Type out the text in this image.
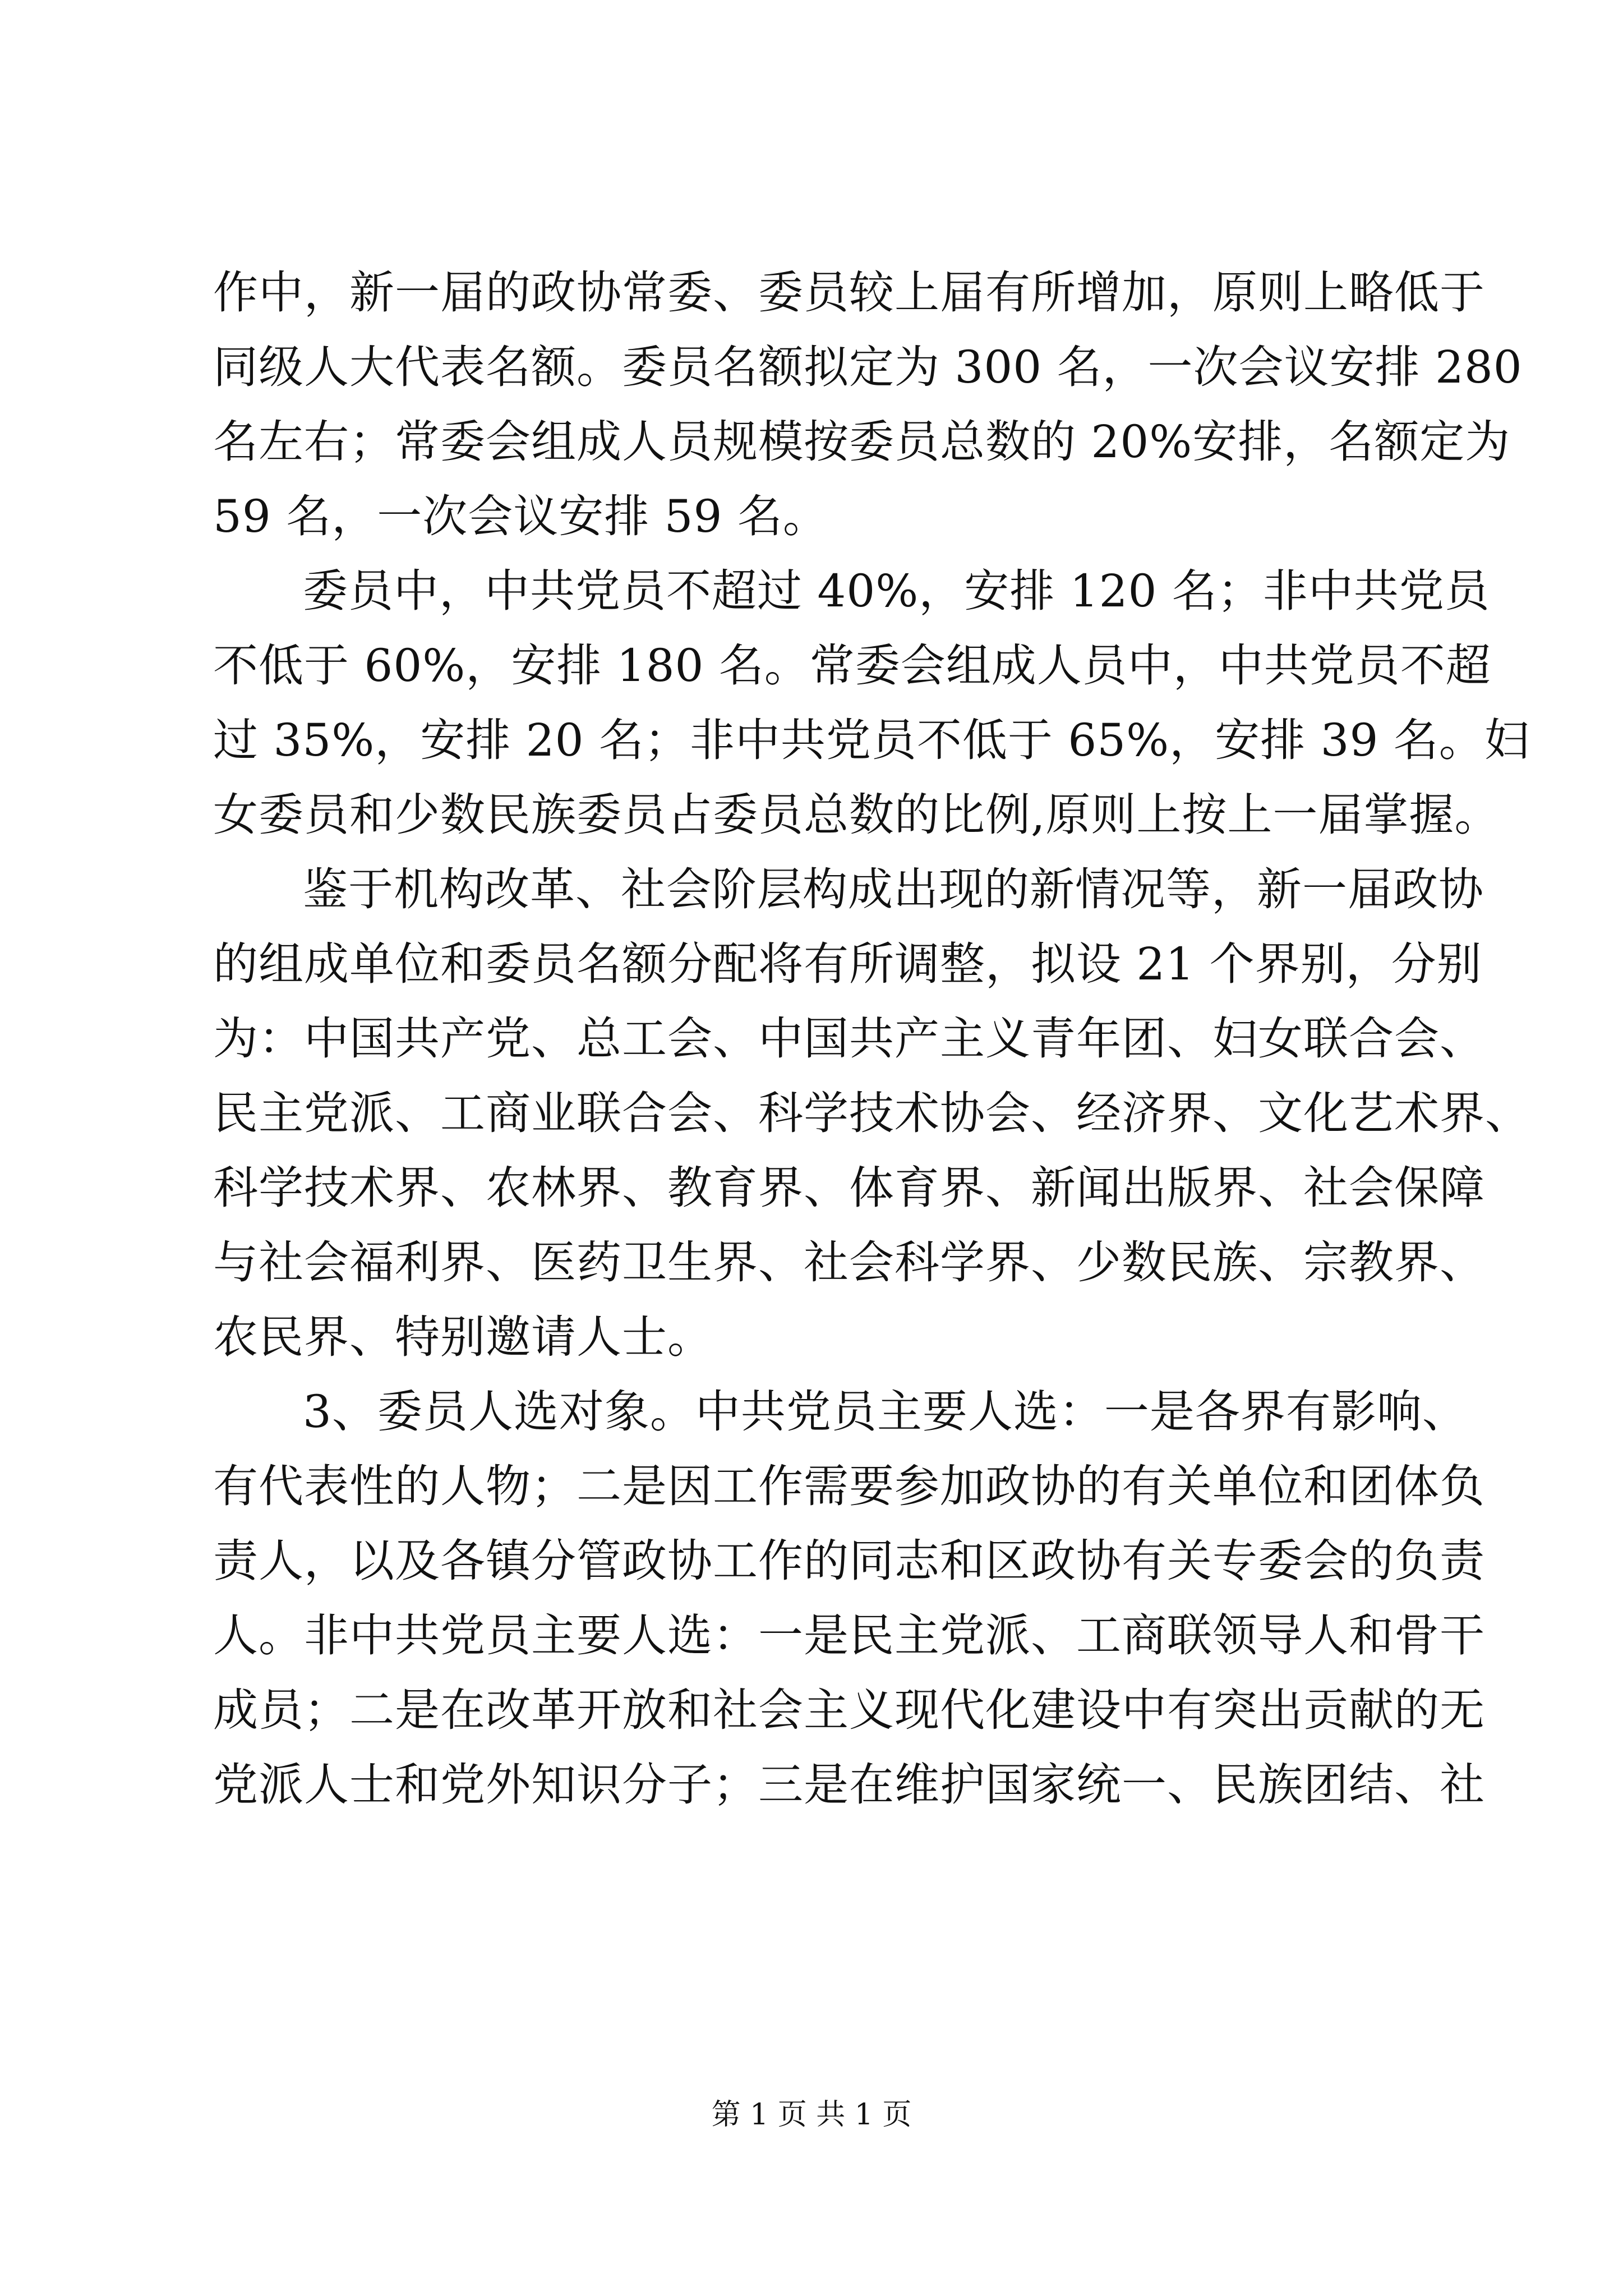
作中，新一届的政协常委、委员较上届有所增加，原则上略低于

同级人大代表名额。委员名额拟定为 300 名，一次会议安排 280

名左右；常委会组成人员规模按委员总数的 20%安排，名额定为

59 名，一次会议安排 59 名。

委员中，中共党员不超过 40%，安排 120 名；非中共党员

不低于 60%，安排 180 名。常委会组成人员中，中共党员不超

过 35%，安排 20 名；非中共党员不低于 65%，安排 39 名。妇

女委员和少数民族委员占委员总数的比例,原则上按上一届掌握。

鉴于机构改革、社会阶层构成出现的新情况等，新一届政协

的组成单位和委员名额分配将有所调整，拟设 21 个界别，分别

为：中国共产党、总工会、中国共产主义青年团、妇女联合会、

民主党派、工商业联合会、科学技术协会、经济界、文化艺术界、

科学技术界、农林界、教育界、体育界、新闻出版界、社会保障

与社会福利界、医药卫生界、社会科学界、少数民族、宗教界、

农民界、特别邀请人士。

3、委员人选对象。中共党员主要人选：一是各界有影响、

有代表性的人物；二是因工作需要参加政协的有关单位和团体负

责人，以及各镇分管政协工作的同志和区政协有关专委会的负责

人。非中共党员主要人选：一是民主党派、工商联领导人和骨干

成员；二是在改革开放和社会主义现代化建设中有突出贡献的无

党派人士和党外知识分子；三是在维护国家统一、民族团结、社

第 1 页 共 1 页
